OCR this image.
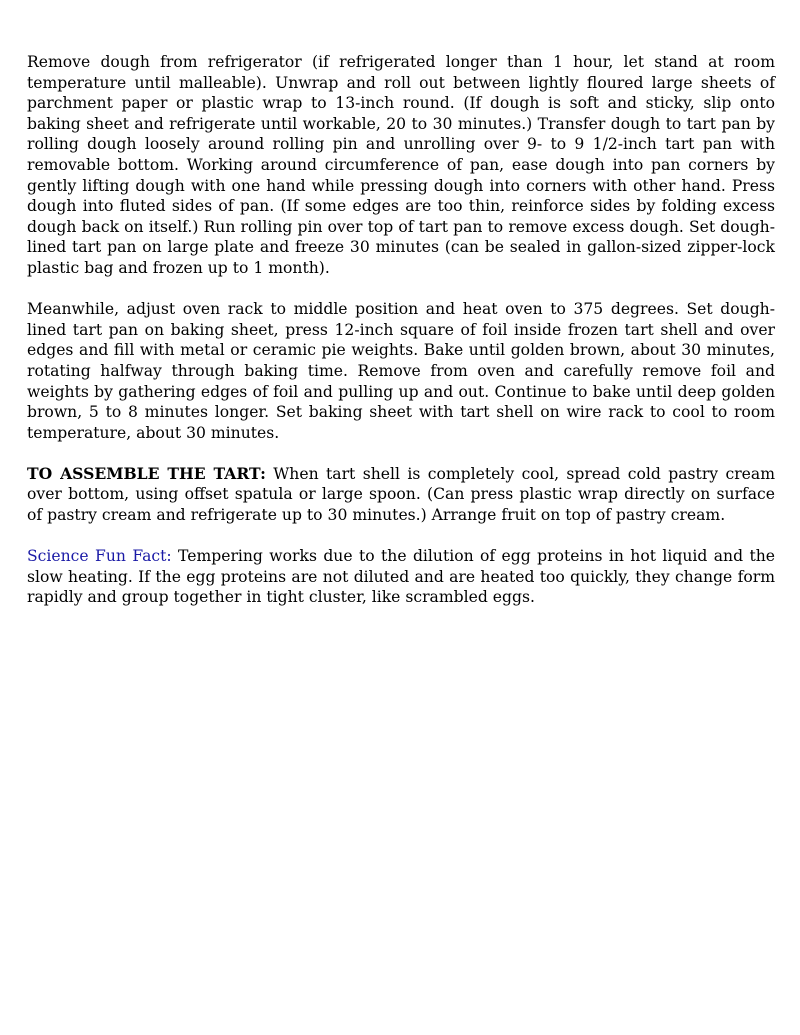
Remove dough from refrigerator (if refrigerated longer than 1 hour, let stand at room temperature until malleable). Unwrap and roll out between lightly floured large sheets of parchment paper or plastic wrap to 13-inch round. (If dough is soft and sticky, slip onto baking sheet and refrigerate until workable, 20 to 30 minutes.) Transfer dough to tart pan by rolling dough loosely around rolling pin and unrolling over 9- to 9 1/2-inch tart pan with removable bottom. Working around circumference of pan, ease dough into pan corners by gently lifting dough with one hand while pressing dough into corners with other hand. Press dough into fluted sides of pan. (If some edges are too thin, reinforce sides by folding excess dough back on itself.) Run rolling pin over top of tart pan to remove excess dough. Set dough-lined tart pan on large plate and freeze 30 minutes (can be sealed in gallon-sized zipper-lock plastic bag and frozen up to 1 month).

Meanwhile, adjust oven rack to middle position and heat oven to 375 degrees. Set dough-lined tart pan on baking sheet, press 12-inch square of foil inside frozen tart shell and over edges and fill with metal or ceramic pie weights. Bake until golden brown, about 30 minutes, rotating halfway through baking time. Remove from oven and carefully remove foil and weights by gathering edges of foil and pulling up and out. Continue to bake until deep golden brown, 5 to 8 minutes longer. Set baking sheet with tart shell on wire rack to cool to room temperature, about 30 minutes.

TO ASSEMBLE THE TART: When tart shell is completely cool, spread cold pastry cream over bottom, using offset spatula or large spoon. (Can press plastic wrap directly on surface of pastry cream and refrigerate up to 30 minutes.) Arrange fruit on top of pastry cream.

Science Fun Fact: Tempering works due to the dilution of egg proteins in hot liquid and the slow heating. If the egg proteins are not diluted and are heated too quickly, they change form rapidly and group together in tight cluster, like scrambled eggs.
